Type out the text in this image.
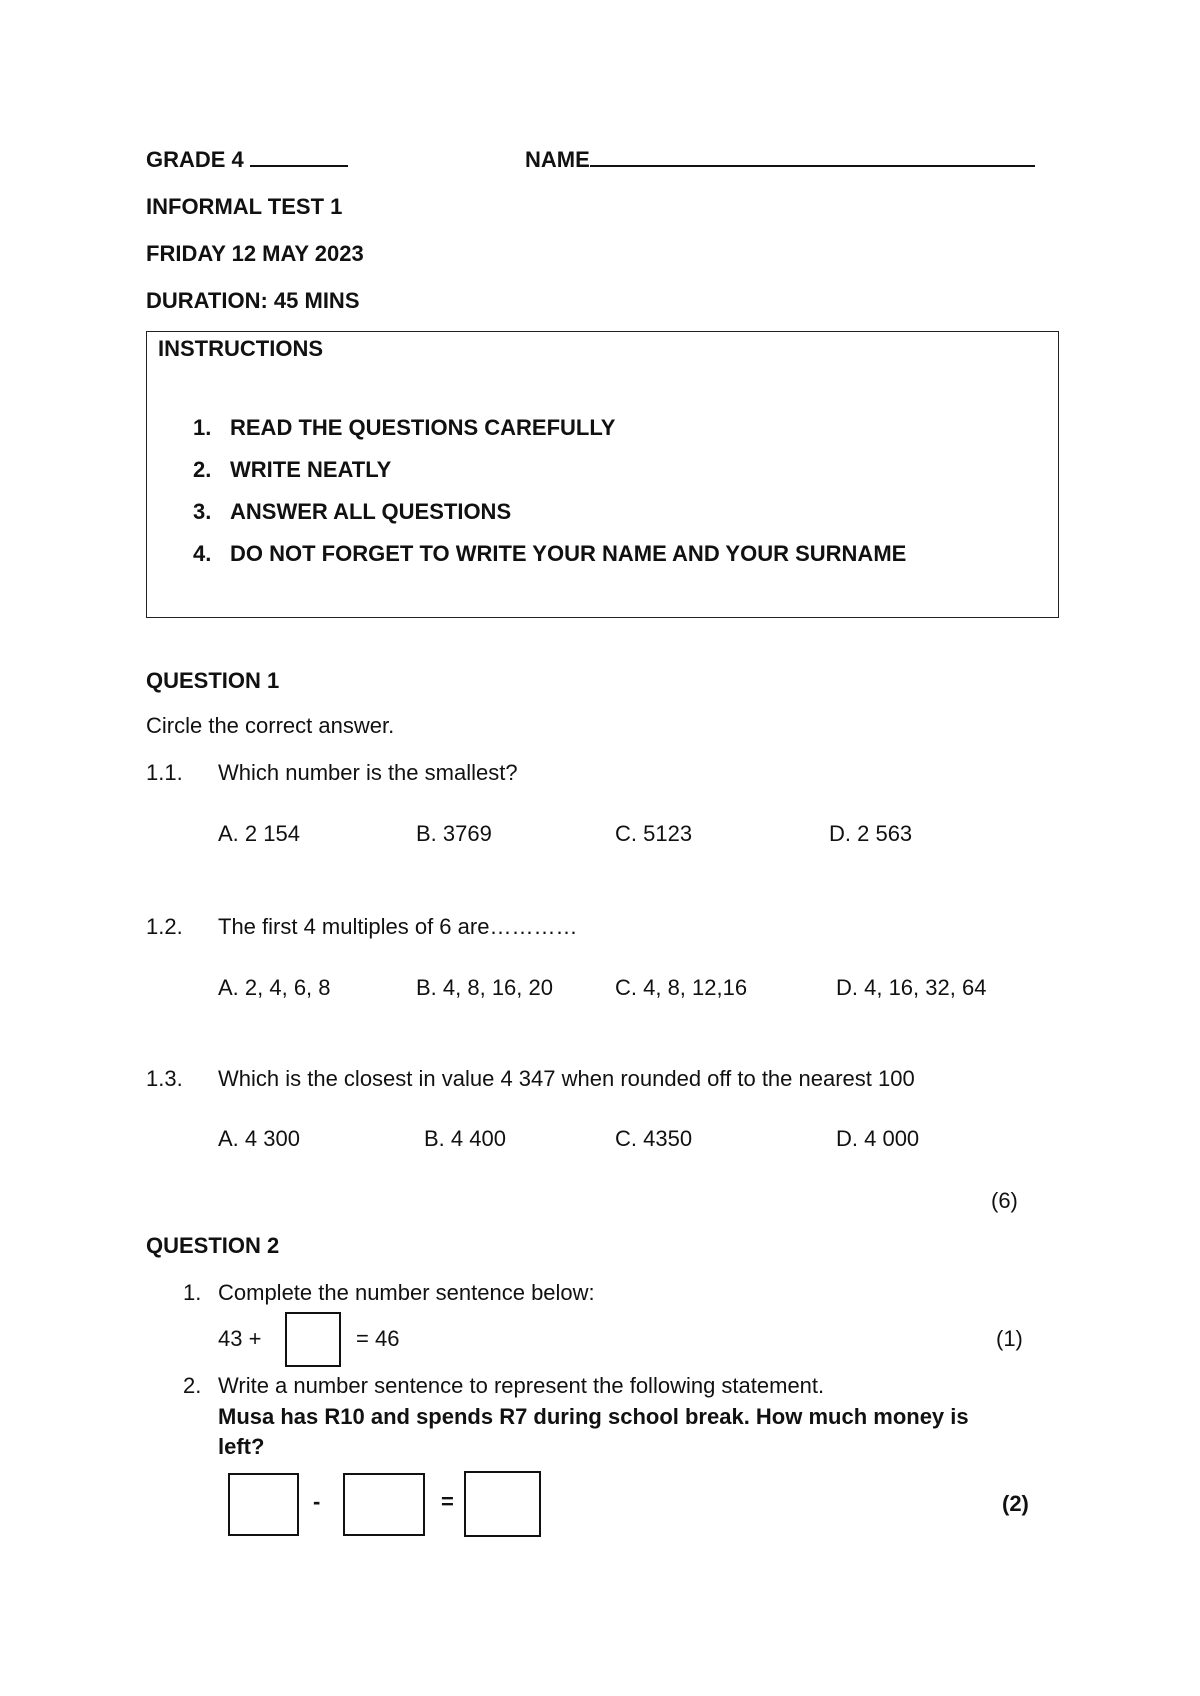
GRADE 4	NAME
INFORMAL TEST 1
FRIDAY 12 MAY 2023
DURATION: 45 MINS
INSTRUCTIONS
1. READ THE QUESTIONS CAREFULLY
2. WRITE NEATLY
3. ANSWER ALL QUESTIONS
4. DO NOT FORGET TO WRITE YOUR NAME AND YOUR SURNAME
QUESTION 1
Circle the correct answer.
1.1. Which number is the smallest?
A. 2 154	B. 3769	C. 5123	D. 2 563
1.2. The first 4 multiples of 6 are…………
A. 2, 4, 6, 8	B. 4, 8, 16, 20	C. 4, 8, 12,16	D. 4, 16, 32, 64
1.3. Which is the closest in value 4 347 when rounded off to the nearest 100
A. 4 300	B. 4 400	C. 4350	D. 4 000
(6)
QUESTION 2
1. Complete the number sentence below:
43 +	= 46	(1)
2. Write a number sentence to represent the following statement.
Musa has R10 and spends R7 during school break. How much money is
left?
-	=	(2)
